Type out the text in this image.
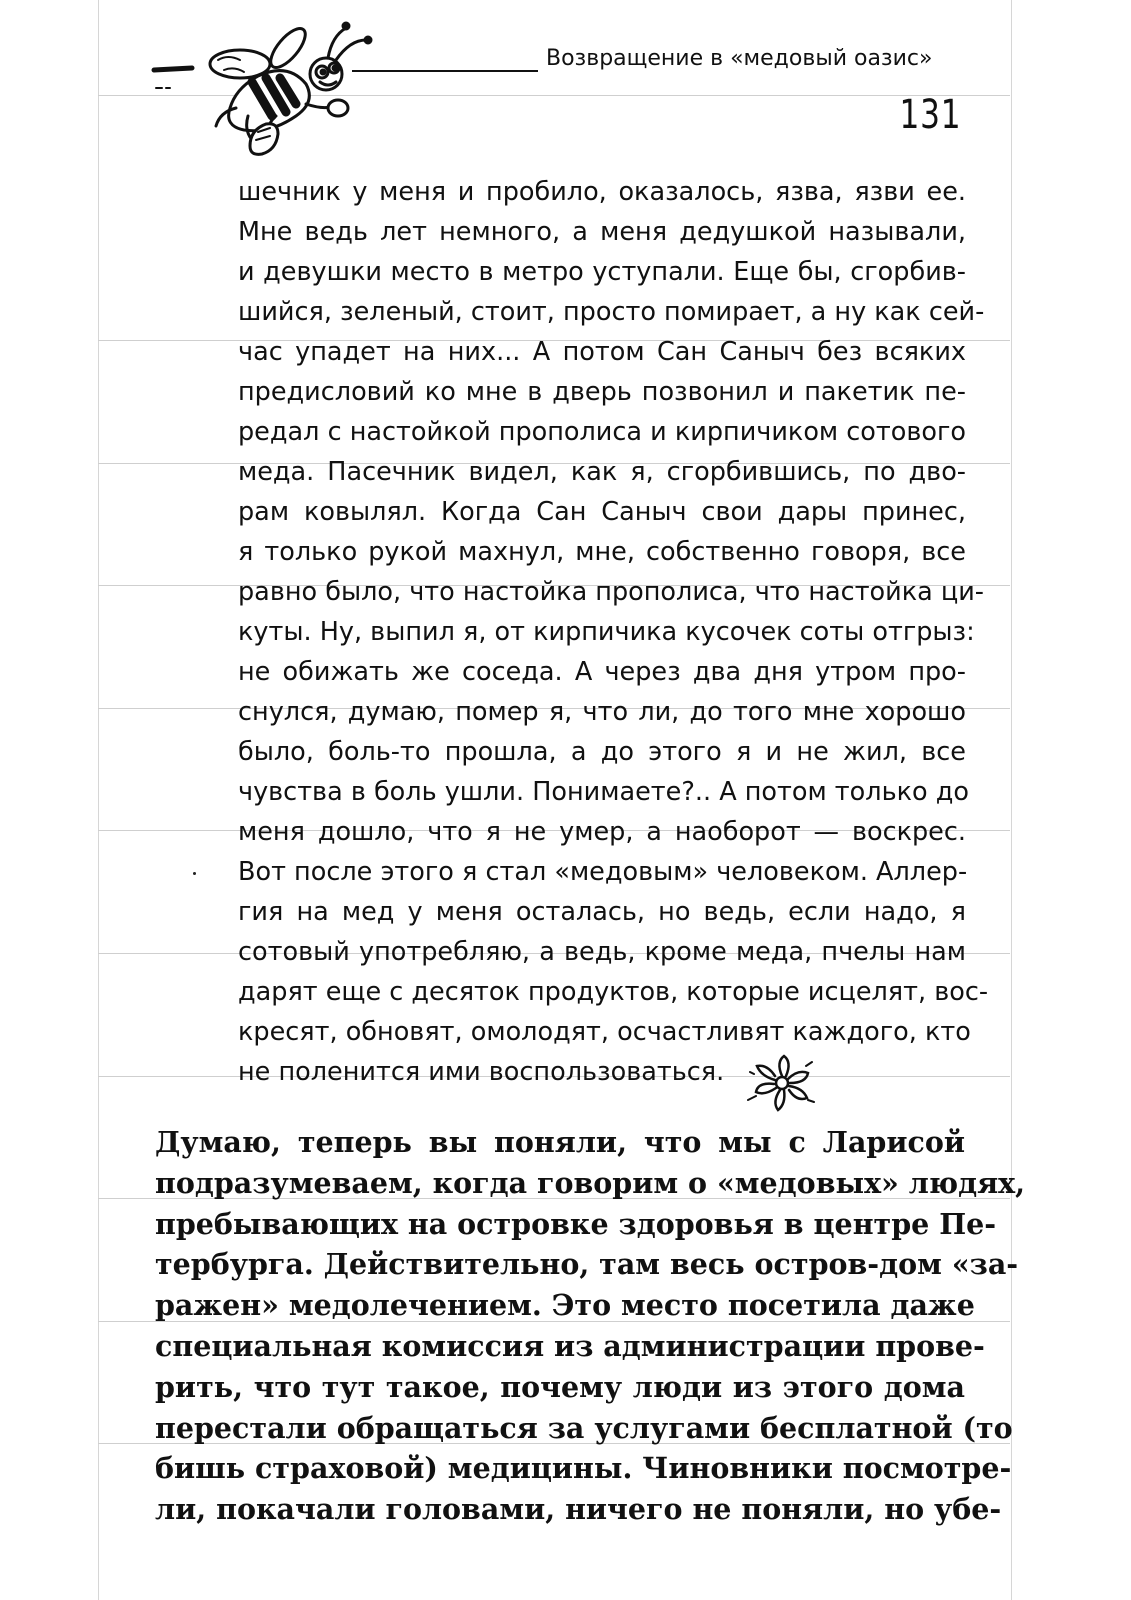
Возвращение в «медовый оазис»
131
шечник у меня и пробило, оказалось, язва, язви ее.
Мне ведь лет немного, а меня дедушкой называли,
и девушки место в метро уступали. Еще бы, сгорбив-
шийся, зеленый, стоит, просто помирает, а ну как сей-
час упадет на них... А потом Сан Саныч без всяких
предисловий ко мне в дверь позвонил и пакетик пе-
редал с настойкой прополиса и кирпичиком сотового
меда. Пасечник видел, как я, сгорбившись, по дво-
рам ковылял. Когда Сан Саныч свои дары принес,
я только рукой махнул, мне, собственно говоря, все
равно было, что настойка прополиса, что настойка ци-
куты. Ну, выпил я, от кирпичика кусочек соты отгрыз:
не обижать же соседа. А через два дня утром про-
снулся, думаю, помер я, что ли, до того мне хорошо
было, боль-то прошла, а до этого я и не жил, все
чувства в боль ушли. Понимаете?.. А потом только до
меня дошло, что я не умер, а наоборот — воскрес.
Вот после этого я стал «медовым» человеком. Аллер-
гия на мед у меня осталась, но ведь, если надо, я
сотовый употребляю, а ведь, кроме меда, пчелы нам
дарят еще с десяток продуктов, которые исцелят, вос-
кресят, обновят, омолодят, осчастливят каждого, кто
не поленится ими воспользоваться.
Думаю, теперь вы поняли, что мы с Ларисой
подразумеваем, когда говорим о «медовых» людях,
пребывающих на островке здоровья в центре Пе-
тербурга. Действительно, там весь остров-дом «за-
ражен» медолечением. Это место посетила даже
специальная комиссия из администрации прове-
рить, что тут такое, почему люди из этого дома
перестали обращаться за услугами бесплатной (то
бишь страховой) медицины. Чиновники посмотре-
ли, покачали головами, ничего не поняли, но убе-
